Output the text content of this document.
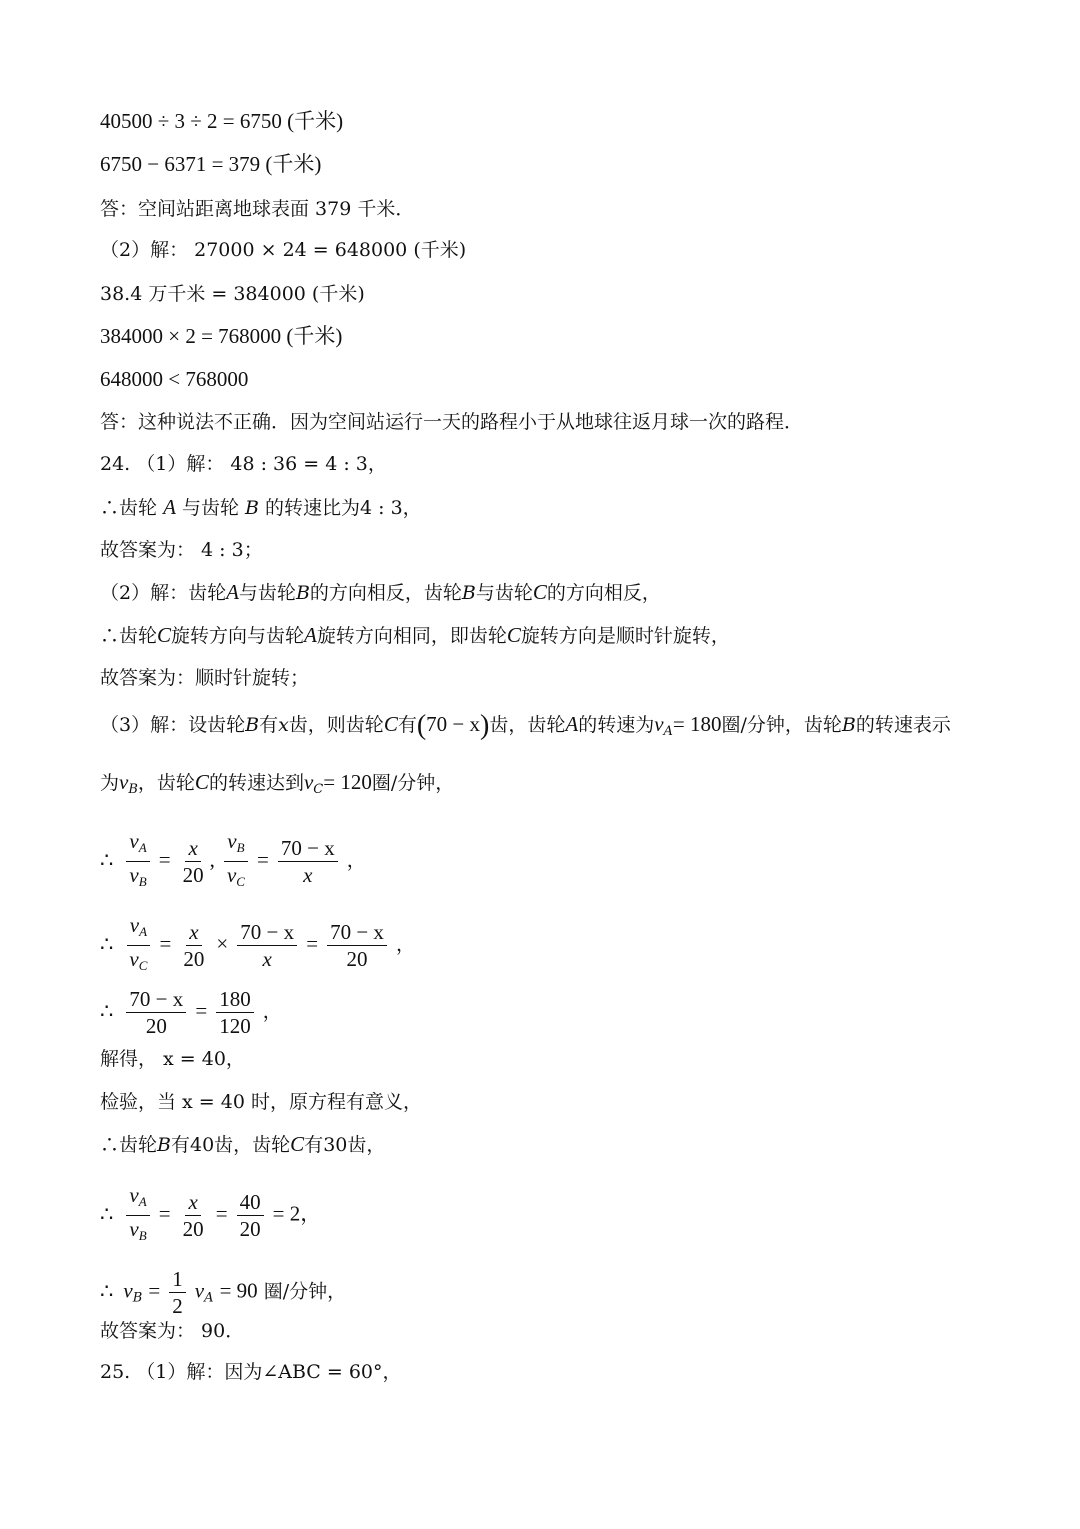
40500 ÷ 3 ÷ 2 = 6750 (千米)
6750 − 6371 = 379 (千米)
答：空间站距离地球表面 379 千米．
（2）解： 27000 × 24 = 648000 (千米)
38.4 万千米 = 384000 (千米)
384000 × 2 = 768000 (千米)
648000 < 768000
答：这种说法不正确．因为空间站运行一天的路程小于从地球往返月球一次的路程．
24. （1）解： 48 : 36 = 4 : 3，
∴齿轮 A 与齿轮 B 的转速比为4 : 3，
故答案为： 4 : 3；
（2）解：齿轮A与齿轮B的方向相反，齿轮B与齿轮C的方向相反，
∴齿轮C旋转方向与齿轮A旋转方向相同，即齿轮C旋转方向是顺时针旋转，
故答案为：顺时针旋转；
（3）解：设齿轮B有x齿，则齿轮C有(70 − x)齿，齿轮A的转速为$v_A= 180$圈/分钟，齿轮B的转速表示
为$v_B$，齿轮C的转速达到$v_C= 120$圈/分钟，
∴ $\frac{v_A}{v_B} = \frac{x}{20}$ , $\frac{v_B}{v_C} = \frac{70 - x}{x}$ ，
∴ $\frac{v_A}{v_C} = \frac{x}{20} \times \frac{70 - x}{x} = \frac{70 - x}{20}$ ，
∴ $\frac{70 - x}{20} = \frac{180}{120}$ ，
解得， x = 40，
检验，当 x = 40 时，原方程有意义，
∴齿轮B有40齿，齿轮C有30齿，
∴ $\frac{v_A}{v_B} = \frac{x}{20} = \frac{40}{20} = 2$，
∴ $v_B = \frac{1}{2} v_A = 90$ 圈/分钟，
故答案为： 90．
25. （1）解：因为∠ABC = 60°，
